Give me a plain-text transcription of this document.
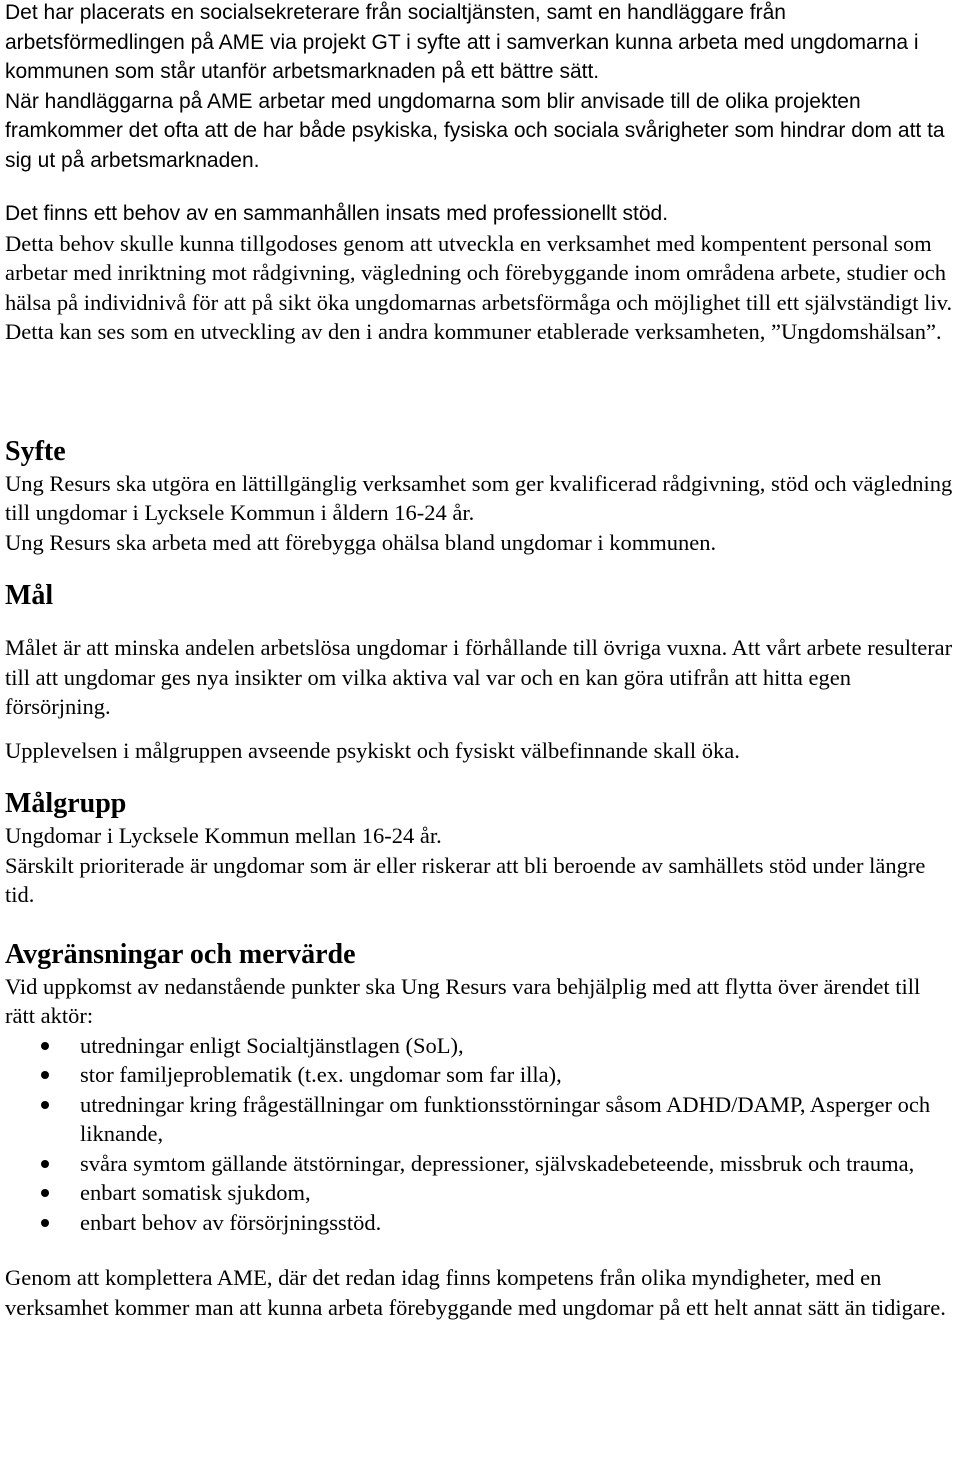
Det har placerats en socialsekreterare från socialtjänsten, samt en handläggare från arbetsförmedlingen på AME via projekt GT i syfte att i samverkan kunna arbeta med ungdomarna i kommunen som står utanför arbetsmarknaden på ett bättre sätt.

När handläggarna på AME arbetar med ungdomarna som blir anvisade till de olika projekten framkommer det ofta att de har både psykiska, fysiska och sociala svårigheter som hindrar dom att ta sig ut på arbetsmarknaden.

Det finns ett behov av en sammanhållen insats med professionellt stöd.

Detta behov skulle kunna tillgodoses genom att utveckla en verksamhet med kompentent personal som arbetar med inriktning mot rådgivning, vägledning och förebyggande inom områdena arbete, studier och hälsa på individnivå för att på sikt öka ungdomarnas arbetsförmåga och möjlighet till ett självständigt liv.

Detta kan ses som en utveckling av den i andra kommuner etablerade verksamheten, ”Ungdomshälsan”.

Syfte

Ung Resurs ska utgöra en lättillgänglig verksamhet som ger kvalificerad rådgivning, stöd och vägledning till ungdomar i Lycksele Kommun i åldern 16-24 år.

Ung Resurs ska arbeta med att förebygga ohälsa bland ungdomar i kommunen.

Mål

Målet är att minska andelen arbetslösa ungdomar i förhållande till övriga vuxna. Att vårt arbete resulterar till att ungdomar ges nya insikter om vilka aktiva val var och en kan göra utifrån att hitta egen försörjning.

Upplevelsen i målgruppen avseende psykiskt och fysiskt välbefinnande skall öka.

Målgrupp

Ungdomar i Lycksele Kommun mellan 16-24 år.

Särskilt prioriterade är ungdomar som är eller riskerar att bli beroende av samhällets stöd under längre tid.

Avgränsningar och mervärde

Vid uppkomst av nedanstående punkter ska Ung Resurs vara behjälplig med att flytta över ärendet till rätt aktör:

utredningar enligt Socialtjänstlagen (SoL),
stor familjeproblematik (t.ex. ungdomar som far illa),
utredningar kring frågeställningar om funktionsstörningar såsom ADHD/DAMP, Asperger och liknande,
svåra symtom gällande ätstörningar, depressioner, självskadebeteende, missbruk och trauma,
enbart somatisk sjukdom,
enbart behov av försörjningsstöd.

Genom att komplettera AME, där det redan idag finns kompetens från olika myndigheter, med en verksamhet kommer man att kunna arbeta förebyggande med ungdomar på ett helt annat sätt än tidigare.
